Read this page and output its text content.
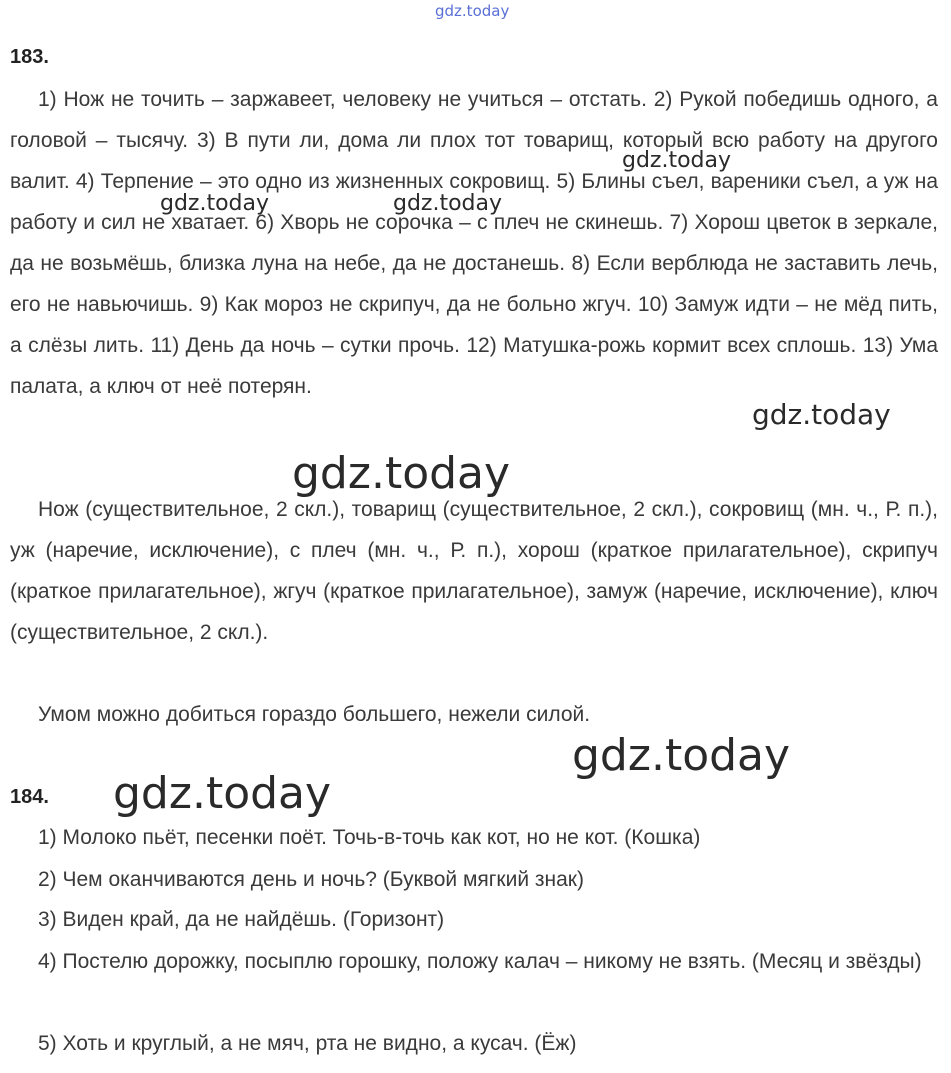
gdz.today
gdz.today
gdz.today	gdz.today
gdz.today
gdz.today
gdz.today
gdz.today
183.

1) Нож не точить – заржавеет, человеку не учиться – отстать. 2) Рукой победишь одного, а головой – тысячу. 3) В пути ли, дома ли плох тот товарищ, который всю работу на другого валит. 4) Терпение – это одно из жизненных сокровищ. 5) Блины съел, вареники съел, а уж на работу и сил не хватает. 6) Хворь не сорочка – с плеч не скинешь. 7) Хорош цветок в зеркале, да не возьмёшь, близка луна на небе, да не достанешь. 8) Если верблюда не заставить лечь, его не навьючишь. 9) Как мороз не скрипуч, да не больно жгуч. 10) Замуж идти – не мёд пить, а слёзы лить. 11) День да ночь – сутки прочь. 12) Матушка-рожь кормит всех сплошь. 13) Ума палата, а ключ от неё потерян.

Нож (существительное, 2 скл.), товарищ (существительное, 2 скл.), сокровищ (мн. ч., Р. п.), уж (наречие, исключение), с плеч (мн. ч., Р. п.), хорош (краткое прилагательное), скрипуч (краткое прилагательное), жгуч (краткое прилагательное), замуж (наречие, исключение), ключ (существительное, 2 скл.).

Умом можно добиться гораздо большего, нежели силой.

184.

1) Молоко пьёт, песенки поёт. Точь-в-точь как кот, но не кот. (Кошка)

2) Чем оканчиваются день и ночь? (Буквой мягкий знак)

3) Виден край, да не найдёшь. (Горизонт)

4) Постелю дорожку, посыплю горошку, положу калач – никому не взять. (Месяц и звёзды)

5) Хоть и круглый, а не мяч, рта не видно, а кусач. (Ёж)
